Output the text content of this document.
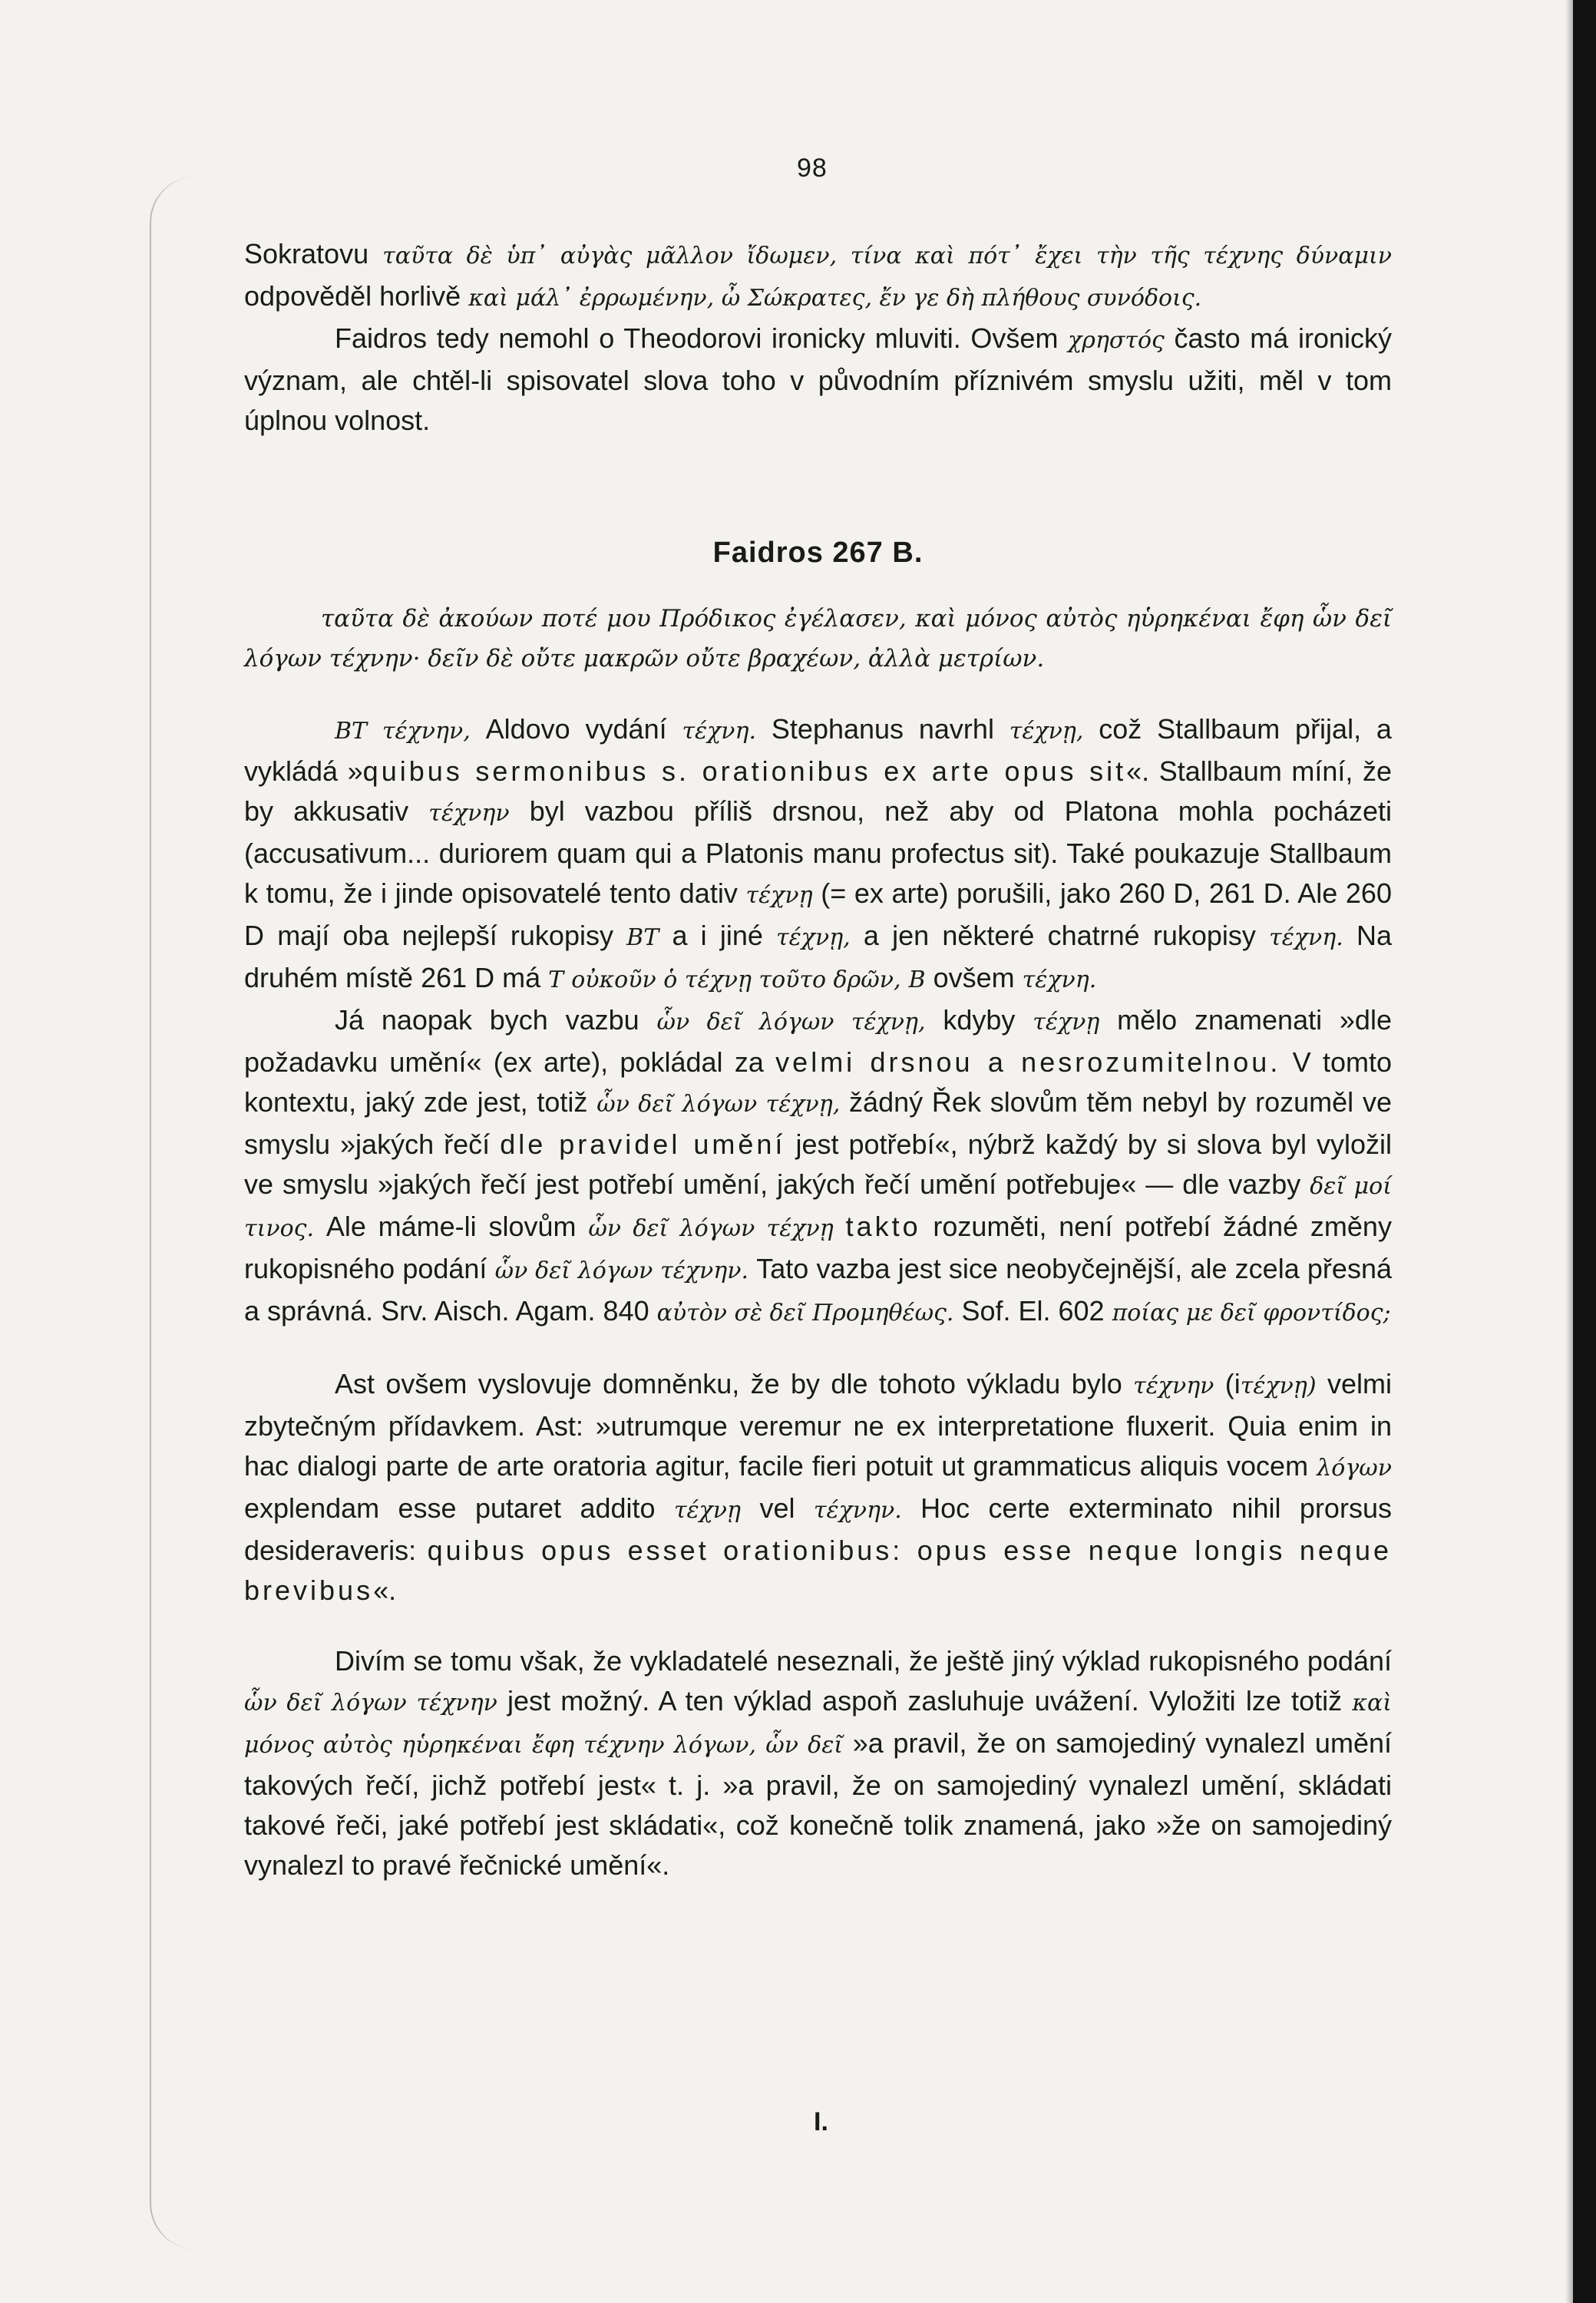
98

Sokratovu ταῦτα δὲ ὑπ᾽ αὐγὰς μᾶλλον ἴδωμεν, τίνα καὶ πότ᾽ ἔχει τὴν τῆς τέχνης δύναμιν odpověděl horlivě καὶ μάλ᾽ ἐρρωμένην, ὦ Σώκρατες, ἔν γε δὴ πλήθους συνόδοις.

Faidros tedy nemohl o Theodorovi ironicky mluviti. Ovšem χρηστός často má ironický význam, ale chtěl-li spisovatel slova toho v původním příznivém smyslu užiti, měl v tom úplnou volnost.

Faidros 267 B.

ταῦτα δὲ ἀκούων ποτέ μου Πρόδικος ἐγέλασεν, καὶ μόνος αὐτὸς ηὑρηκέναι ἔφη ὧν δεῖ λόγων τέχνην· δεῖν δὲ οὔτε μακρῶν οὔτε βραχέων, ἀλλὰ μετρίων.

BT τέχνην, Aldovo vydání τέχνη. Stephanus navrhl τέχνῃ, což Stallbaum přijal, a vykládá »quibus sermonibus s. orationibus ex arte opus sit«. Stallbaum míní, že by akkusativ τέχνην byl vazbou příliš drsnou, než aby od Platona mohla pocházeti (accusativum... duriorem quam qui a Platonis manu profectus sit). Také poukazuje Stallbaum k tomu, že i jinde opisovatelé tento dativ τέχνῃ (= ex arte) porušili, jako 260 D, 261 D. Ale 260 D mají oba nejlepší rukopisy BT a i jiné τέχνῃ, a jen některé chatrné rukopisy τέχνη. Na druhém místě 261 D má T οὐκοῦν ὁ τέχνῃ τοῦτο δρῶν, B ovšem τέχνη.

Já naopak bych vazbu ὧν δεῖ λόγων τέχνῃ, kdyby τέχνῃ mělo znamenati »dle požadavku umění« (ex arte), pokládal za velmi drsnou a nesrozumitelnou. V tomto kontextu, jaký zde jest, totiž ὧν δεῖ λόγων τέχνῃ, žádný Řek slovům těm nebyl by rozuměl ve smyslu »jakých řečí dle pravidel umění jest potřebí«, nýbrž každý by si slova byl vyložil ve smyslu »jakých řečí jest potřebí umění, jakých řečí umění potřebuje« — dle vazby δεῖ μοί τινος. Ale máme-li slovům ὧν δεῖ λόγων τέχνῃ takto rozuměti, není potřebí žádné změny rukopisného podání ὧν δεῖ λόγων τέχνην. Tato vazba jest sice neobyčejnější, ale zcela přesná a správná. Srv. Aisch. Agam. 840 αὐτὸν σὲ δεῖ Προμηθέως. Sof. El. 602 ποίας με δεῖ φροντίδος;

Ast ovšem vyslovuje domněnku, že by dle tohoto výkladu bylo τέχνην (iτέχνῃ) velmi zbytečným přídavkem. Ast: »utrumque veremur ne ex interpretatione fluxerit. Quia enim in hac dialogi parte de arte oratoria agitur, facile fieri potuit ut grammaticus aliquis vocem λόγων explendam esse putaret addito τέχνῃ vel τέχνην. Hoc certe exterminato nihil prorsus desideraveris: quibus opus esset orationibus: opus esse neque longis neque brevibus«.

Divím se tomu však, že vykladatelé neseznali, že ještě jiný výklad rukopisného podání ὧν δεῖ λόγων τέχνην jest možný. A ten výklad aspoň zasluhuje uvážení. Vyložiti lze totiž καὶ μόνος αὐτὸς ηὑρηκέναι ἔφη τέχνην λόγων, ὧν δεῖ »a pravil, že on samojediný vynalezl umění takových řečí, jichž potřebí jest« t. j. »a pravil, že on samojediný vynalezl umění, skládati takové řeči, jaké potřebí jest skládati«, což konečně tolik znamená, jako »že on samojediný vynalezl to pravé řečnické umění«.

I.
